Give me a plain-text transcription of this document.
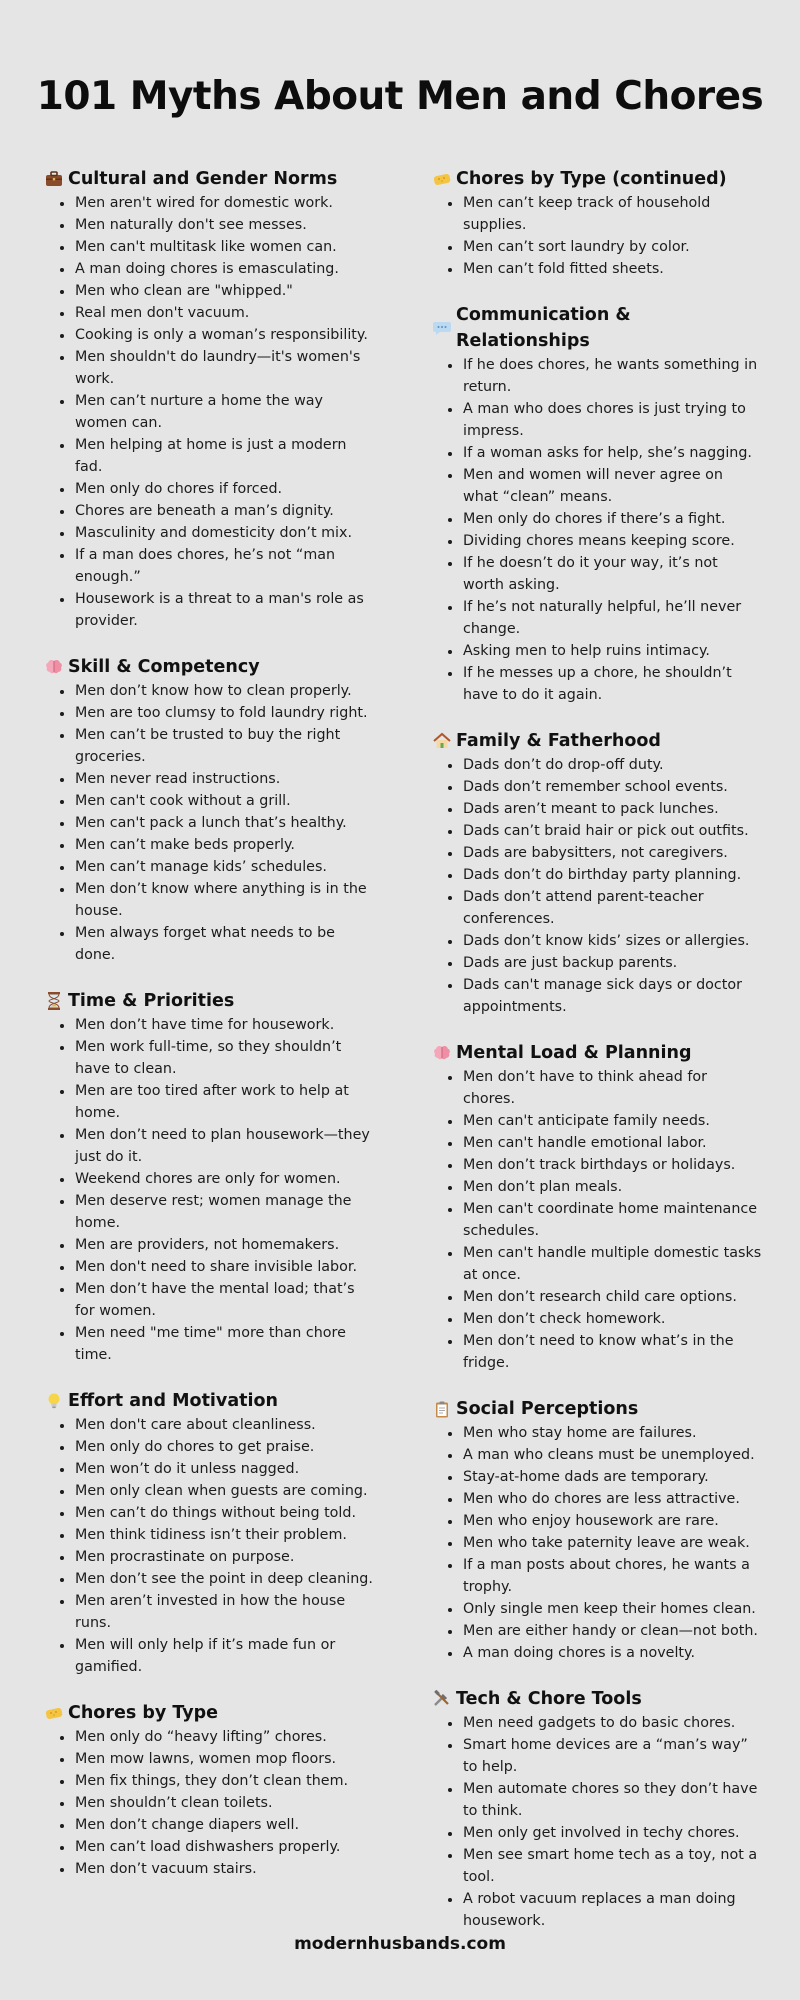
101 Myths About Men and Chores
Cultural and Gender Norms
• Men aren't wired for domestic work.
• Men naturally don't see messes.
• Men can't multitask like women can.
• A man doing chores is emasculating.
• Men who clean are "whipped."
• Real men don't vacuum.
• Cooking is only a woman’s responsibility.
• Men shouldn't do laundry—it's women's work.
• Men can’t nurture a home the way women can.
• Men helping at home is just a modern fad.
• Men only do chores if forced.
• Chores are beneath a man’s dignity.
• Masculinity and domesticity don’t mix.
• If a man does chores, he’s not “man enough.”
• Housework is a threat to a man's role as provider.
Skill & Competency
• Men don’t know how to clean properly.
• Men are too clumsy to fold laundry right.
• Men can’t be trusted to buy the right groceries.
• Men never read instructions.
• Men can't cook without a grill.
• Men can't pack a lunch that’s healthy.
• Men can’t make beds properly.
• Men can’t manage kids’ schedules.
• Men don’t know where anything is in the house.
• Men always forget what needs to be done.
Time & Priorities
• Men don’t have time for housework.
• Men work full-time, so they shouldn’t have to clean.
• Men are too tired after work to help at home.
• Men don’t need to plan housework—they just do it.
• Weekend chores are only for women.
• Men deserve rest; women manage the home.
• Men are providers, not homemakers.
• Men don't need to share invisible labor.
• Men don’t have the mental load; that’s for women.
• Men need "me time" more than chore time.
Effort and Motivation
• Men don't care about cleanliness.
• Men only do chores to get praise.
• Men won’t do it unless nagged.
• Men only clean when guests are coming.
• Men can’t do things without being told.
• Men think tidiness isn’t their problem.
• Men procrastinate on purpose.
• Men don’t see the point in deep cleaning.
• Men aren’t invested in how the house runs.
• Men will only help if it’s made fun or gamified.
Chores by Type
• Men only do “heavy lifting” chores.
• Men mow lawns, women mop floors.
• Men fix things, they don’t clean them.
• Men shouldn’t clean toilets.
• Men don’t change diapers well.
• Men can’t load dishwashers properly.
• Men don’t vacuum stairs.
Chores by Type (continued)
• Men can’t keep track of household supplies.
• Men can’t sort laundry by color.
• Men can’t fold fitted sheets.
Communication & Relationships
• If he does chores, he wants something in return.
• A man who does chores is just trying to impress.
• If a woman asks for help, she’s nagging.
• Men and women will never agree on what “clean” means.
• Men only do chores if there’s a fight.
• Dividing chores means keeping score.
• If he doesn’t do it your way, it’s not worth asking.
• If he’s not naturally helpful, he’ll never change.
• Asking men to help ruins intimacy.
• If he messes up a chore, he shouldn’t have to do it again.
Family & Fatherhood
• Dads don’t do drop-off duty.
• Dads don’t remember school events.
• Dads aren’t meant to pack lunches.
• Dads can’t braid hair or pick out outfits.
• Dads are babysitters, not caregivers.
• Dads don’t do birthday party planning.
• Dads don’t attend parent-teacher conferences.
• Dads don’t know kids’ sizes or allergies.
• Dads are just backup parents.
• Dads can't manage sick days or doctor appointments.
Mental Load & Planning
• Men don’t have to think ahead for chores.
• Men can't anticipate family needs.
• Men can't handle emotional labor.
• Men don’t track birthdays or holidays.
• Men don’t plan meals.
• Men can't coordinate home maintenance schedules.
• Men can't handle multiple domestic tasks at once.
• Men don’t research child care options.
• Men don’t check homework.
• Men don’t need to know what’s in the fridge.
Social Perceptions
• Men who stay home are failures.
• A man who cleans must be unemployed.
• Stay-at-home dads are temporary.
• Men who do chores are less attractive.
• Men who enjoy housework are rare.
• Men who take paternity leave are weak.
• If a man posts about chores, he wants a trophy.
• Only single men keep their homes clean.
• Men are either handy or clean—not both.
• A man doing chores is a novelty.
Tech & Chore Tools
• Men need gadgets to do basic chores.
• Smart home devices are a “man’s way” to help.
• Men automate chores so they don’t have to think.
• Men only get involved in techy chores.
• Men see smart home tech as a toy, not a tool.
• A robot vacuum replaces a man doing housework.
modernhusbands.com
